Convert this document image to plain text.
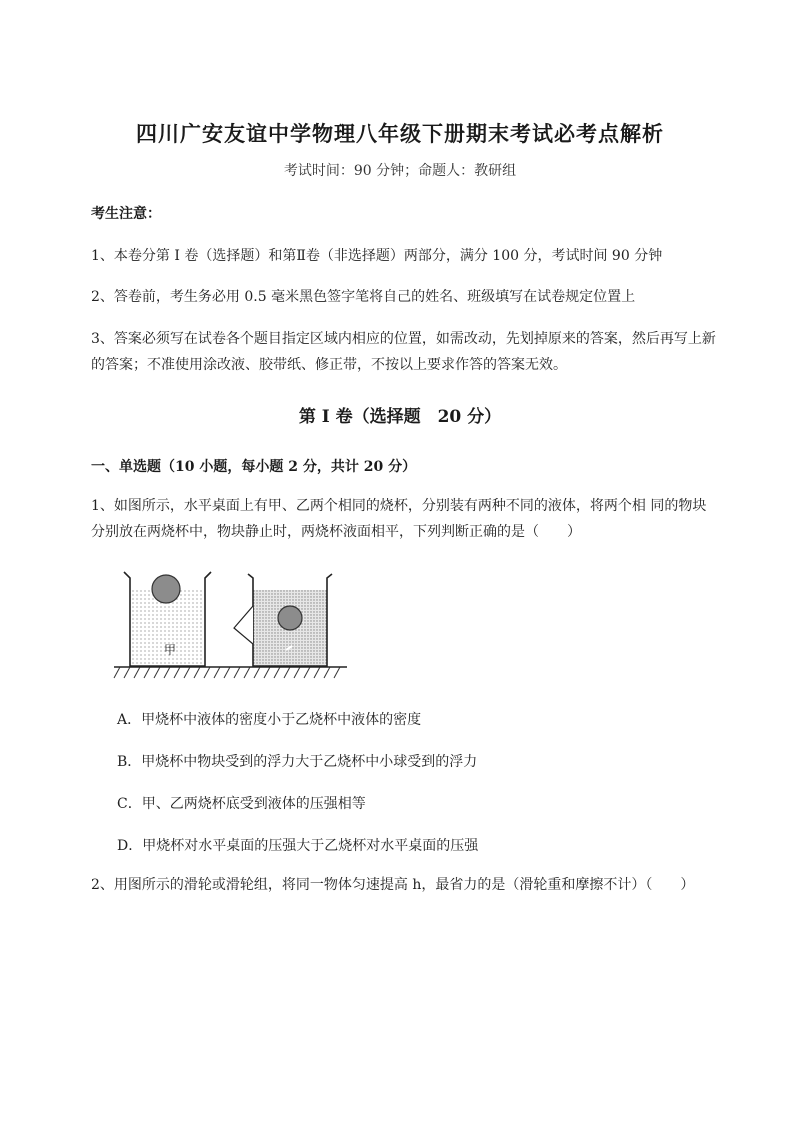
四川广安友谊中学物理八年级下册期末考试必考点解析
考试时间：90 分钟；命题人：教研组
考生注意：
1、本卷分第 I 卷（选择题）和第Ⅱ卷（非选择题）两部分，满分 100 分，考试时间 90 分钟
2、答卷前，考生务必用 0.5 毫米黑色签字笔将自己的姓名、班级填写在试卷规定位置上
3、答案必须写在试卷各个题目指定区域内相应的位置，如需改动，先划掉原来的答案，然后再写上新
的答案；不准使用涂改液、胶带纸、修正带，不按以上要求作答的答案无效。
第 I 卷（选择题　20 分）
一、单选题（10 小题，每小题 2 分，共计 20 分）
1、如图所示，水平桌面上有甲、乙两个相同的烧杯，分别装有两种不同的液体，将两个相 同的物块
分别放在两烧杯中，物块静止时，两烧杯液面相平，下列判断正确的是（　　）
甲
A．甲烧杯中液体的密度小于乙烧杯中液体的密度
B．甲烧杯中物块受到的浮力大于乙烧杯中小球受到的浮力
C．甲、乙两烧杯底受到液体的压强相等
D．甲烧杯对水平桌面的压强大于乙烧杯对水平桌面的压强
2、用图所示的滑轮或滑轮组，将同一物体匀速提高 h，最省力的是（滑轮重和摩擦不计）（　　）
